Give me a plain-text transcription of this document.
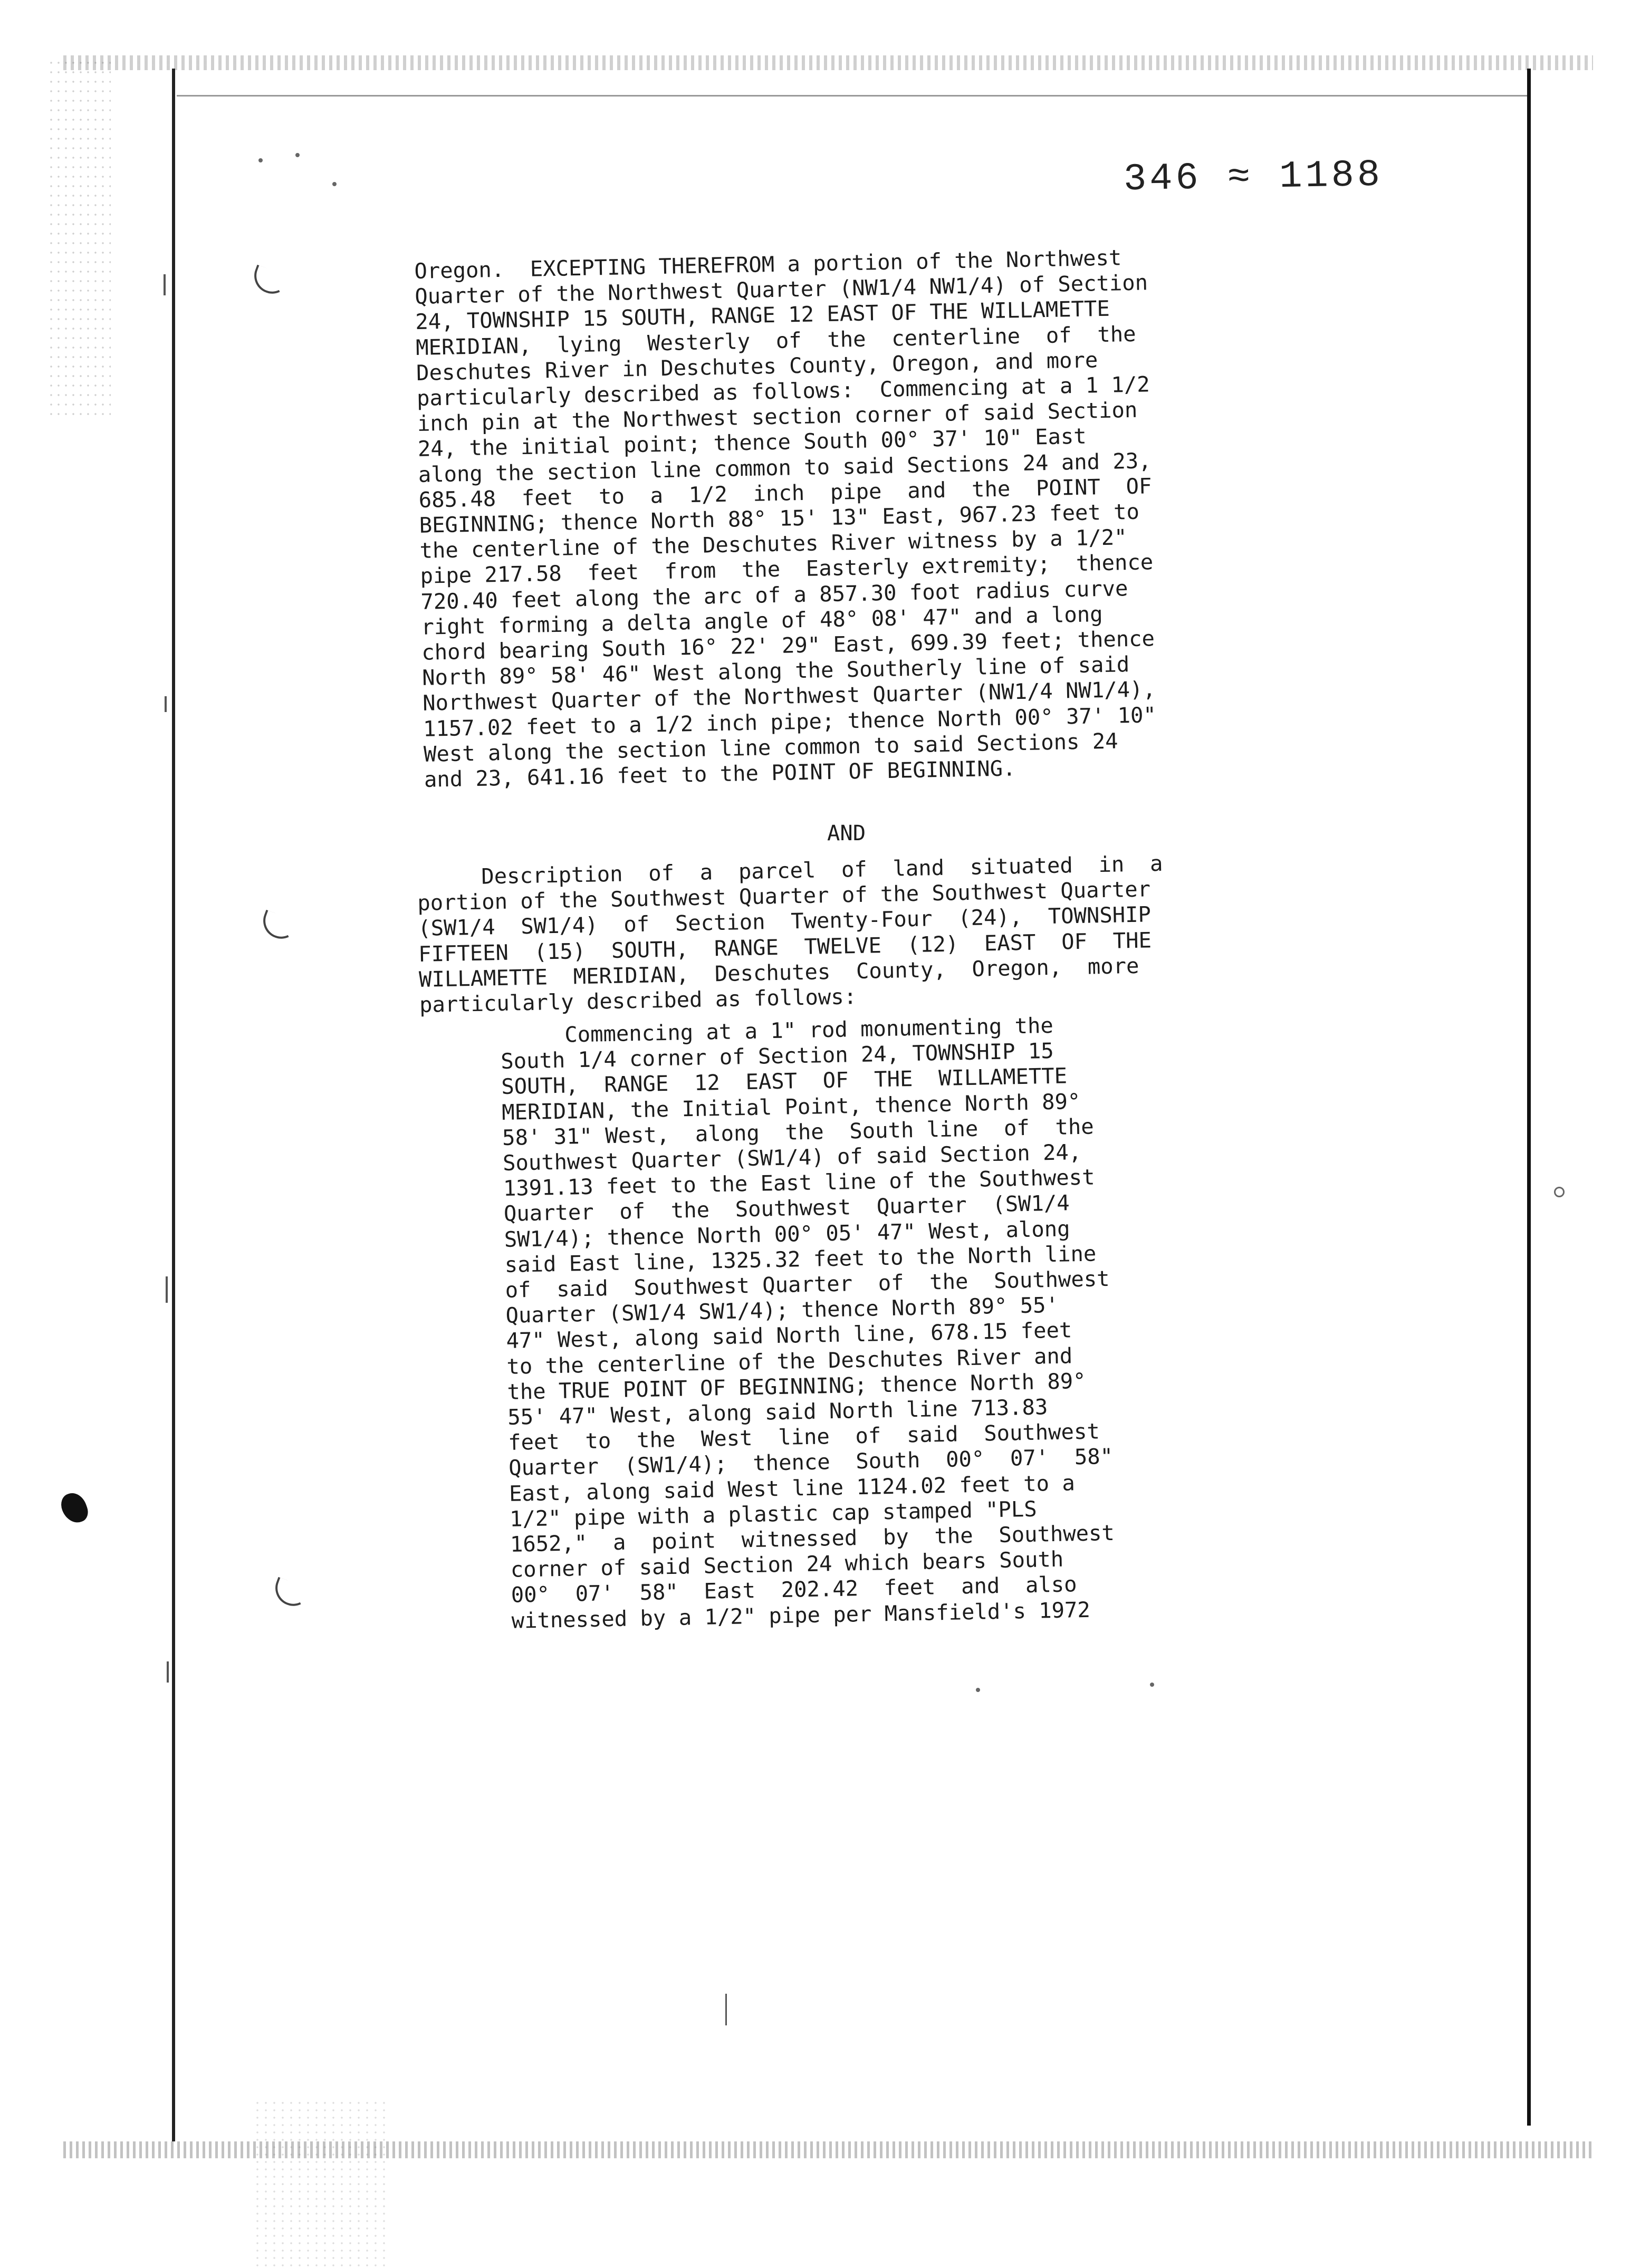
346 ≈ 1188
Oregon.  EXCEPTING THEREFROM a portion of the Northwest
Quarter of the Northwest Quarter (NW1/4 NW1/4) of Section
24, TOWNSHIP 15 SOUTH, RANGE 12 EAST OF THE WILLAMETTE
MERIDIAN,  lying  Westerly  of  the  centerline  of  the
Deschutes River in Deschutes County, Oregon, and more
particularly described as follows:  Commencing at a 1 1/2
inch pin at the Northwest section corner of said Section
24, the initial point; thence South 00° 37' 10" East
along the section line common to said Sections 24 and 23,
685.48  feet  to  a  1/2  inch  pipe  and  the  POINT  OF
BEGINNING; thence North 88° 15' 13" East, 967.23 feet to
the centerline of the Deschutes River witness by a 1/2"
pipe 217.58  feet  from  the  Easterly extremity;  thence
720.40 feet along the arc of a 857.30 foot radius curve
right forming a delta angle of 48° 08' 47" and a long
chord bearing South 16° 22' 29" East, 699.39 feet; thence
North 89° 58' 46" West along the Southerly line of said
Northwest Quarter of the Northwest Quarter (NW1/4 NW1/4),
1157.02 feet to a 1/2 inch pipe; thence North 00° 37' 10"
West along the section line common to said Sections 24
and 23, 641.16 feet to the POINT OF BEGINNING.
AND
Description  of  a  parcel  of  land  situated  in  a
portion of the Southwest Quarter of the Southwest Quarter
(SW1/4  SW1/4)  of  Section  Twenty-Four  (24),  TOWNSHIP
FIFTEEN  (15)  SOUTH,  RANGE  TWELVE  (12)  EAST  OF  THE
WILLAMETTE  MERIDIAN,  Deschutes  County,  Oregon,  more
particularly described as follows:
Commencing at a 1" rod monumenting the
South 1/4 corner of Section 24, TOWNSHIP 15
SOUTH,  RANGE  12  EAST  OF  THE  WILLAMETTE
MERIDIAN, the Initial Point, thence North 89°
58' 31" West,  along  the  South line  of  the
Southwest Quarter (SW1/4) of said Section 24,
1391.13 feet to the East line of the Southwest
Quarter  of  the  Southwest  Quarter  (SW1/4
SW1/4); thence North 00° 05' 47" West, along
said East line, 1325.32 feet to the North line
of  said  Southwest Quarter  of  the  Southwest
Quarter (SW1/4 SW1/4); thence North 89° 55'
47" West, along said North line, 678.15 feet
to the centerline of the Deschutes River and
the TRUE POINT OF BEGINNING; thence North 89°
55' 47" West, along said North line 713.83
feet  to  the  West  line  of  said  Southwest
Quarter  (SW1/4);  thence  South  00°  07'  58"
East, along said West line 1124.02 feet to a
1/2" pipe with a plastic cap stamped "PLS
1652,"  a  point  witnessed  by  the  Southwest
corner of said Section 24 which bears South
00°  07'  58"  East  202.42  feet  and  also
witnessed by a 1/2" pipe per Mansfield's 1972
